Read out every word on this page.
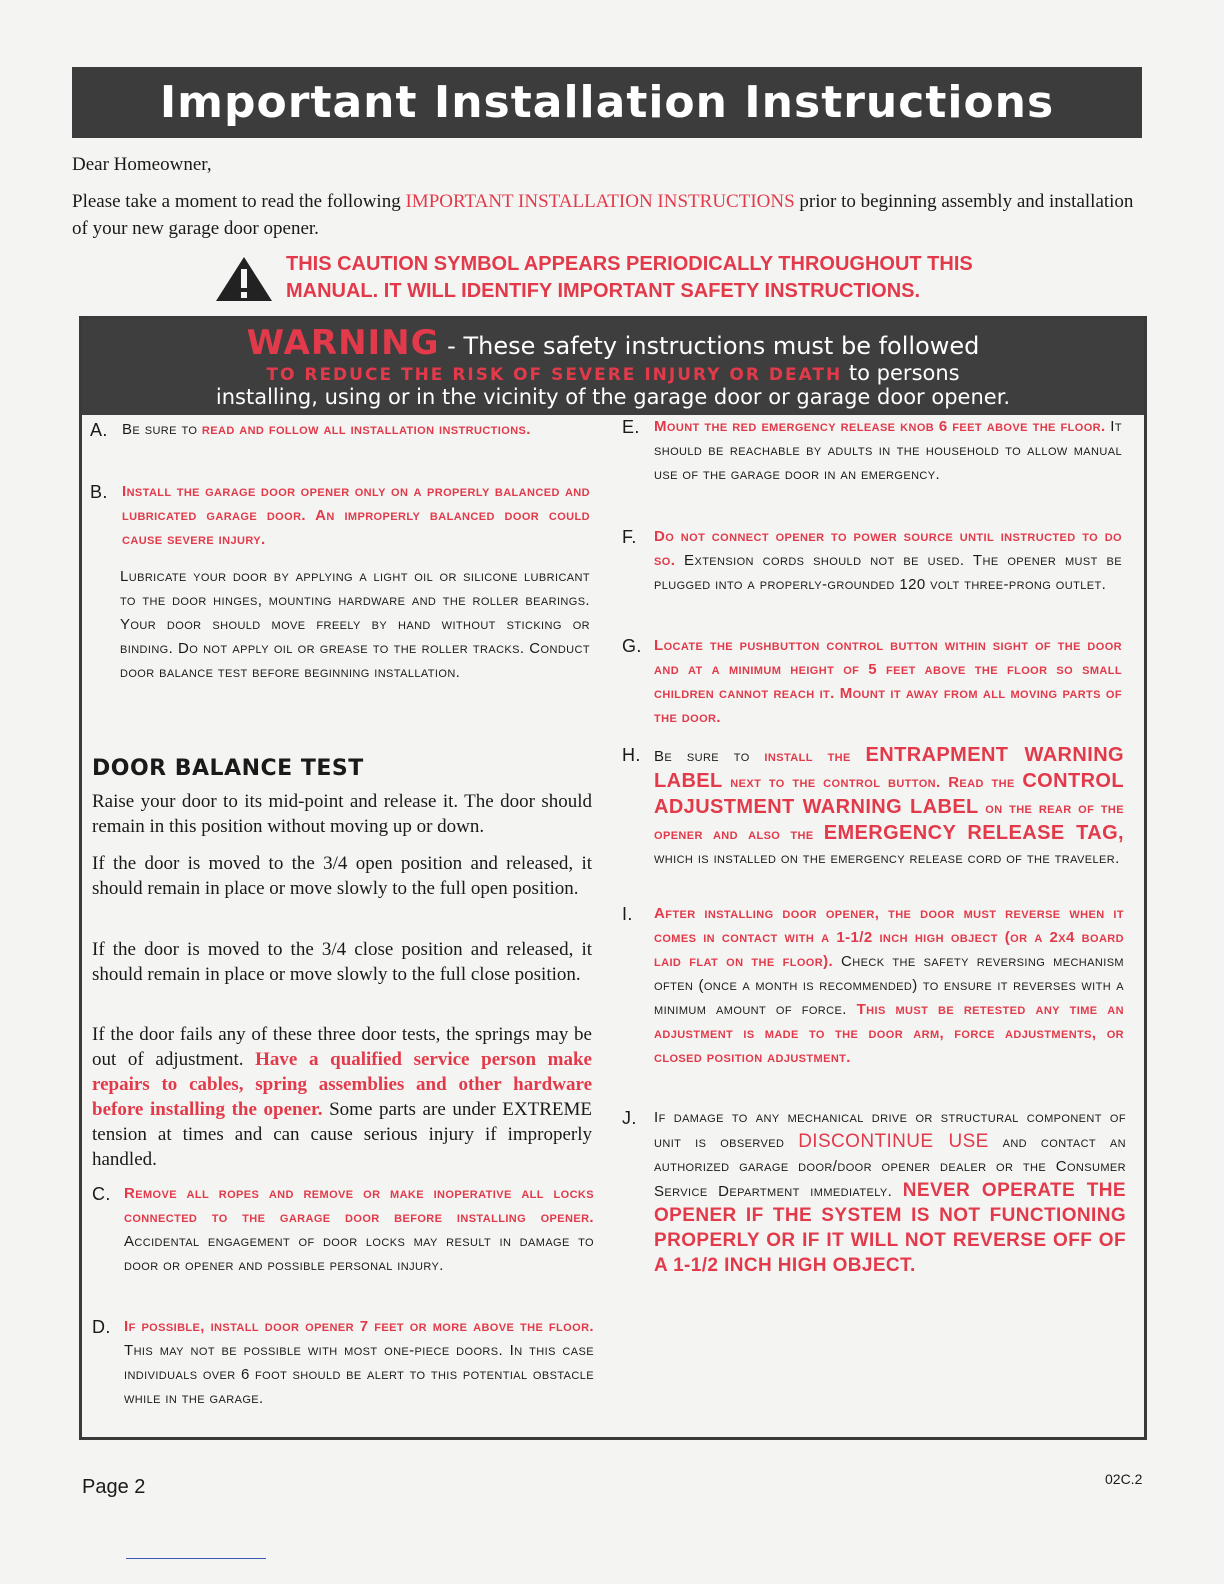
Important Installation Instructions
Dear Homeowner,
Please take a moment to read the following IMPORTANT INSTALLATION INSTRUCTIONS prior to beginning assembly and installation of your new garage door opener.
THIS CAUTION SYMBOL APPEARS PERIODICALLY THROUGHOUT THIS
MANUAL. IT WILL IDENTIFY IMPORTANT SAFETY INSTRUCTIONS.
WARNING - These safety instructions must be followed
TO REDUCE THE RISK OF SEVERE INJURY OR DEATH to persons
installing, using or in the vicinity of the garage door or garage door opener.
A. Be sure to read and follow all installation instructions.
B. Install the garage door opener only on a properly balanced and lubricated garage door. An improperly balanced door could cause severe injury.
Lubricate your door by applying a light oil or silicone lubricant to the door hinges, mounting hardware and the roller bearings. Your door should move freely by hand without sticking or binding. Do not apply oil or grease to the roller tracks. Conduct door balance test before beginning installation.
DOOR BALANCE TEST
Raise your door to its mid-point and release it. The door should remain in this position without moving up or down.
If the door is moved to the 3/4 open position and released, it should remain in place or move slowly to the full open position.
If the door is moved to the 3/4 close position and released, it should remain in place or move slowly to the full close position.
If the door fails any of these three door tests, the springs may be out of adjustment. Have a qualified service person make repairs to cables, spring assemblies and other hardware before installing the opener. Some parts are under EXTREME tension at times and can cause serious injury if improperly handled.
C. Remove all ropes and remove or make inoperative all locks connected to the garage door before installing opener. Accidental engagement of door locks may result in damage to door or opener and possible personal injury.
D. If possible, install door opener 7 feet or more above the floor. This may not be possible with most one-piece doors. In this case individuals over 6 foot should be alert to this potential obstacle while in the garage.
E. Mount the red emergency release knob 6 feet above the floor. It should be reachable by adults in the household to allow manual use of the garage door in an emergency.
F. Do not connect opener to power source until instructed to do so. Extension cords should not be used. The opener must be plugged into a properly-grounded 120 volt three-prong outlet.
G. Locate the pushbutton control button within sight of the door and at a minimum height of 5 feet above the floor so small children cannot reach it. Mount it away from all moving parts of the door.
H. Be sure to install the ENTRAPMENT WARNING LABEL next to the control button. Read the CONTROL ADJUSTMENT WARNING LABEL on the rear of the opener and also the EMERGENCY RELEASE TAG, which is installed on the emergency release cord of the traveler.
I. After installing door opener, the door must reverse when it comes in contact with a 1-1/2 inch high object (or a 2x4 board laid flat on the floor). Check the safety reversing mechanism often (once a month is recommended) to ensure it reverses with a minimum amount of force. This must be retested any time an adjustment is made to the door arm, force adjustments, or closed position adjustment.
J. If damage to any mechanical drive or structural component of unit is observed DISCONTINUE USE and contact an authorized garage door/door opener dealer or the Consumer Service Department immediately. NEVER OPERATE THE OPENER IF THE SYSTEM IS NOT FUNCTIONING PROPERLY OR IF IT WILL NOT REVERSE OFF OF A 1-1/2 INCH HIGH OBJECT.
Page 2	02C.2
